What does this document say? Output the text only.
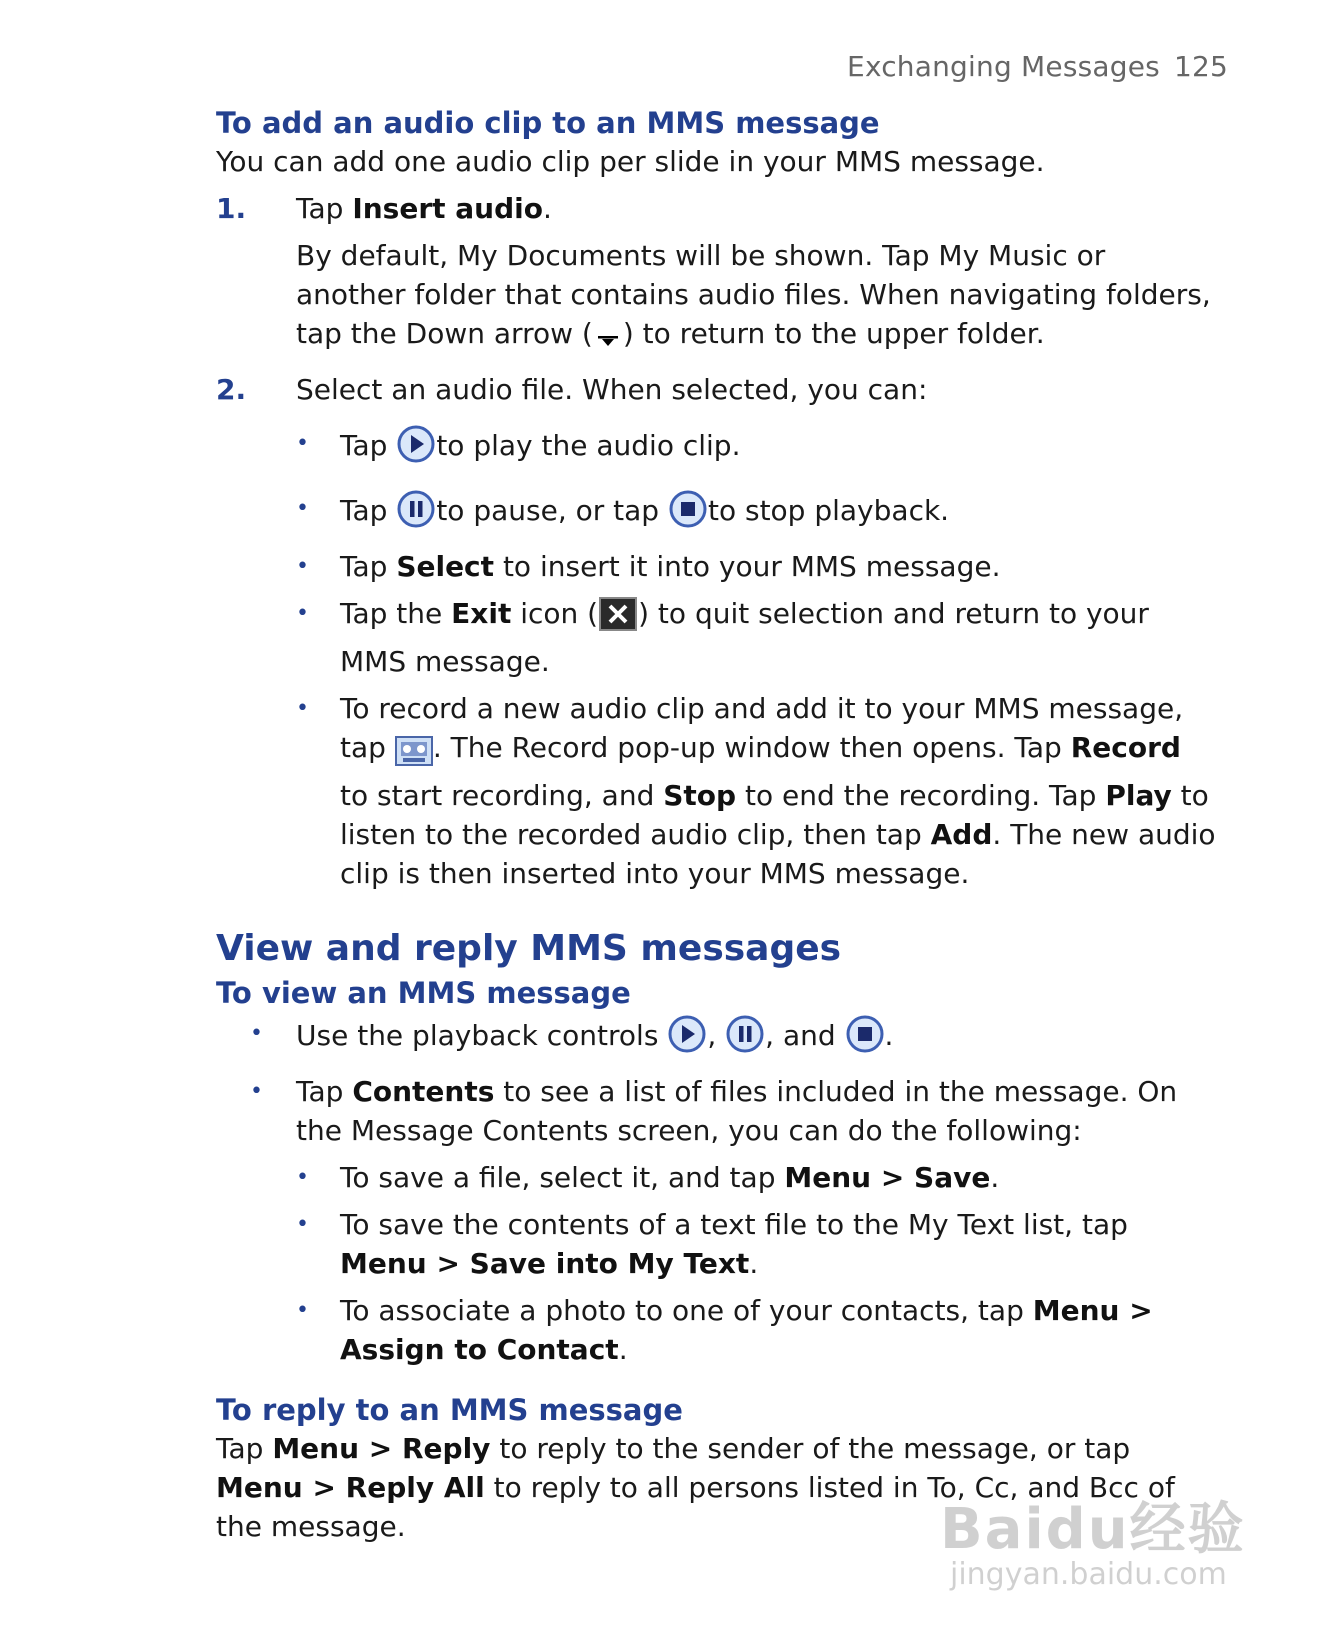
Exchanging Messages 125
To add an audio clip to an MMS message

You can add one audio clip per slide in your MMS message.

1. Tap Insert audio.
By default, My Documents will be shown. Tap My Music or another folder that contains audio files. When navigating folders, tap the Down arrow ( ) to return to the upper folder.
2. Select an audio file. When selected, you can:
• Tap to play the audio clip.
• Tap to pause, or tap to stop playback.
• Tap Select to insert it into your MMS message.
• Tap the Exit icon ( ) to quit selection and return to your MMS message.
• To record a new audio clip and add it to your MMS message, tap . The Record pop-up window then opens. Tap Record to start recording, and Stop to end the recording. Tap Play to listen to the recorded audio clip, then tap Add. The new audio clip is then inserted into your MMS message.
View and reply MMS messages
To view an MMS message
• Use the playback controls , , and .
• Tap Contents to see a list of files included in the message. On the Message Contents screen, you can do the following:
• To save a file, select it, and tap Menu > Save.
• To save the contents of a text file to the My Text list, tap Menu > Save into My Text.
• To associate a photo to one of your contacts, tap Menu > Assign to Contact.
To reply to an MMS message

Tap Menu > Reply to reply to the sender of the message, or tap Menu > Reply All to reply to all persons listed in To, Cc, and Bcc of the message.	Baidu经验
jingyan.baidu.com
